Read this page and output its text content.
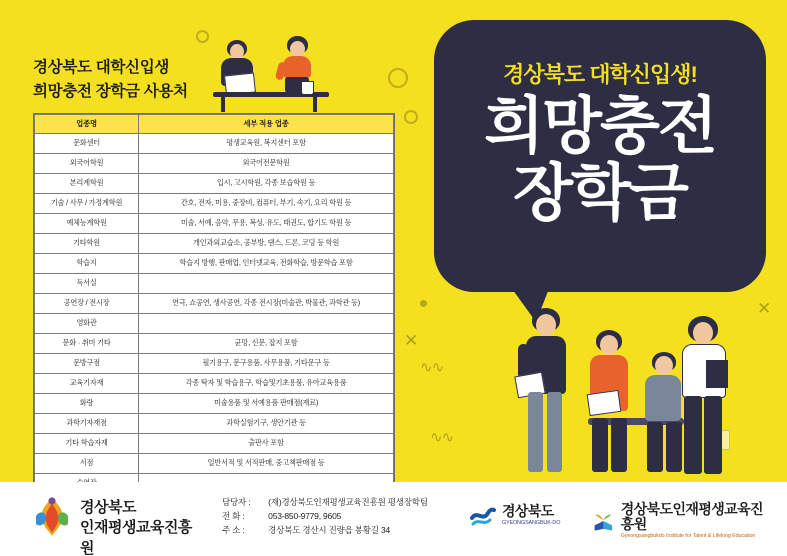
✕
∿∿
∿∿
✕
경상북도 대학신입생
희망충전 장학금 사용처
업종명	세부 적용 업종
문화센터	평생교육원, 복지센터 포함
외국어학원	외국어전문학원
본리계학원	입시, 고시학원, 각종 보습학원 등
기술 / 사무 / 가정계학원	간호, 전자, 미용, 중장비, 컴퓨터, 부기, 속기, 요리 학원 등
예체능계학원	미술, 서예, 음악, 무용, 복싱, 유도, 태권도, 합기도 학원 등
기타학원	개인과외교습소, 공부방, 댄스, 드론, 코딩 등 학원
학습지	학습지 방행, 판매업, 인터넷교육, 전화학습, 방문학습 포함
독서실	
공연장 / 전시장	연극, 쇼공연, 생사공연, 각종 전시장(미술관, 박물관, 과학관 등)
영화관	
문화 · 취미 기타	균망, 신문, 잡지 포함
문방구점	필기용구, 문구용품, 사무용품, 기타문구 등
교육기자재	각종 탁자 및 학습용구, 학습및기초용품, 유아교육용품
화랑	미술용품 및 서예용품 판매점(재료)
과학기자재점	과학실험기구, 생안기관 등
기타 학습자재	출판사 포함
서점	일반서적 및 서적판매, 중고책판매점 등

경상북도 대학신입생!
희망충전
장학금
경상북도
인재평생교육진흥원
담당자 : (재)경상북도인재평생교육진흥원 평생장학팀
전 화 :	053-850-9779, 9605
주 소 :	경상북도 경산시 진량읍 봉황길 34
경상북도
GYEONGSANGBUK-DO
경상북도인재평생교육진흥원
Gyeongsangbukdo Institute for Talent & Lifelong Education
